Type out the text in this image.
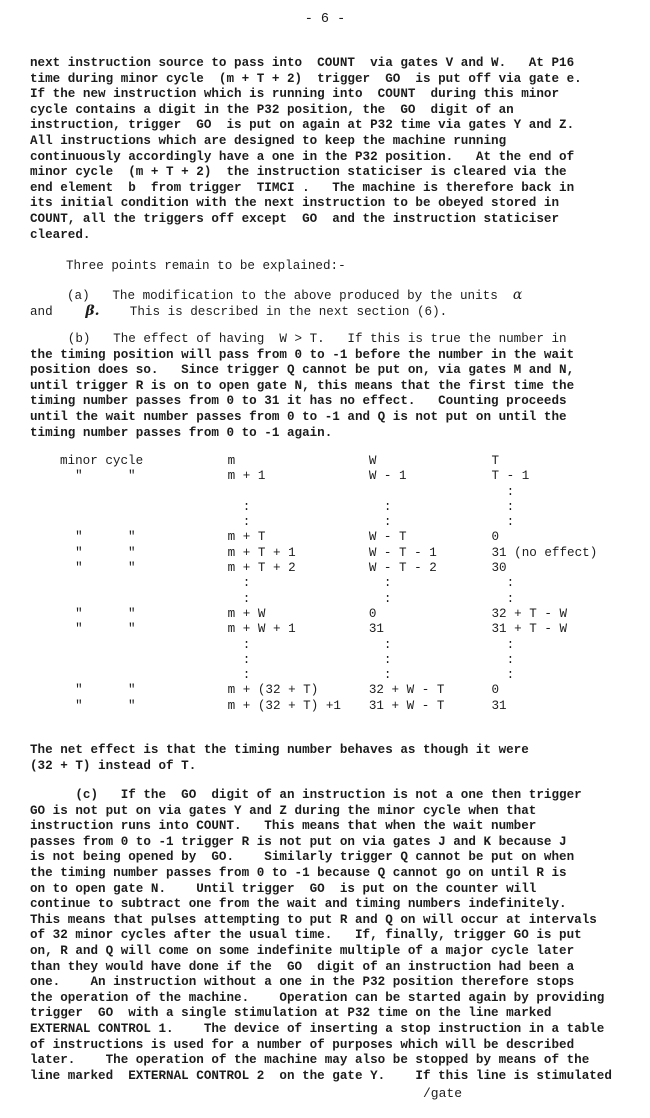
- 6 -
next instruction source to pass into  COUNT  via gates V and W.   At P16
time during minor cycle  (m + T + 2)  trigger  GO  is put off via gate e.
If the new instruction which is running into  COUNT  during this minor
cycle contains a digit in the P32 position, the  GO  digit of an
instruction, trigger  GO  is put on again at P32 time via gates Y and Z.
All instructions which are designed to keep the machine running
continuously accordingly have a one in the P32 position.   At the end of
minor cycle  (m + T + 2)  the instruction staticiser is cleared via the
end element  b  from trigger  TIMCI .   The machine is therefore back in
its initial condition with the next instruction to be obeyed stored in
COUNT, all the triggers off except  GO  and the instruction staticiser
cleared.
Three points remain to be explained:-
(a)   The modification to the above produced by the units α
and β. This is described in the next section (6).
(b)   The effect of having  W > T.   If this is true the number in
the timing position will pass from 0 to -1 before the number in the wait
position does so.   Since trigger Q cannot be put on, via gates M and N,
until trigger R is on to open gate N, this means that the first time the
timing number passes from 0 to 31 it has no effect.   Counting proceeds
until the wait number passes from 0 to -1 and Q is not put on until the
timing number passes from 0 to -1 again.
minor cycle	m	W	T
"      "	m + 1	W - 1	T - 1
			:
	:	:	:
	:	:	:
"      "	m + T	W - T	0
"      "	m + T + 1	W - T - 1	31 (no effect)
"      "	m + T + 2	W - T - 2	30
	:	:	:
	:	:	:
"      "	m + W	0	32 + T - W
"      "	m + W + 1	31	31 + T - W
	:	:	:
	:	:	:
	:	:	:
"      "	m + (32 + T)	32 + W - T	0
"      "	m + (32 + T) +1	31 + W - T	31
The net effect is that the timing number behaves as though it were
(32 + T) instead of T.
(c)   If the  GO  digit of an instruction is not a one then trigger
GO is not put on via gates Y and Z during the minor cycle when that
instruction runs into COUNT.   This means that when the wait number
passes from 0 to -1 trigger R is not put on via gates J and K because J
is not being opened by  GO.    Similarly trigger Q cannot be put on when
the timing number passes from 0 to -1 because Q cannot go on until R is
on to open gate N.    Until trigger  GO  is put on the counter will
continue to subtract one from the wait and timing numbers indefinitely.
This means that pulses attempting to put R and Q on will occur at intervals
of 32 minor cycles after the usual time.   If, finally, trigger GO is put
on, R and Q will come on some indefinite multiple of a major cycle later
than they would have done if the  GO  digit of an instruction had been a
one.    An instruction without a one in the P32 position therefore stops
the operation of the machine.    Operation can be started again by providing
trigger  GO  with a single stimulation at P32 time on the line marked
EXTERNAL CONTROL 1.    The device of inserting a stop instruction in a table
of instructions is used for a number of purposes which will be described
later.    The operation of the machine may also be stopped by means of the
line marked  EXTERNAL CONTROL 2  on the gate Y.    If this line is stimulated
/gate
